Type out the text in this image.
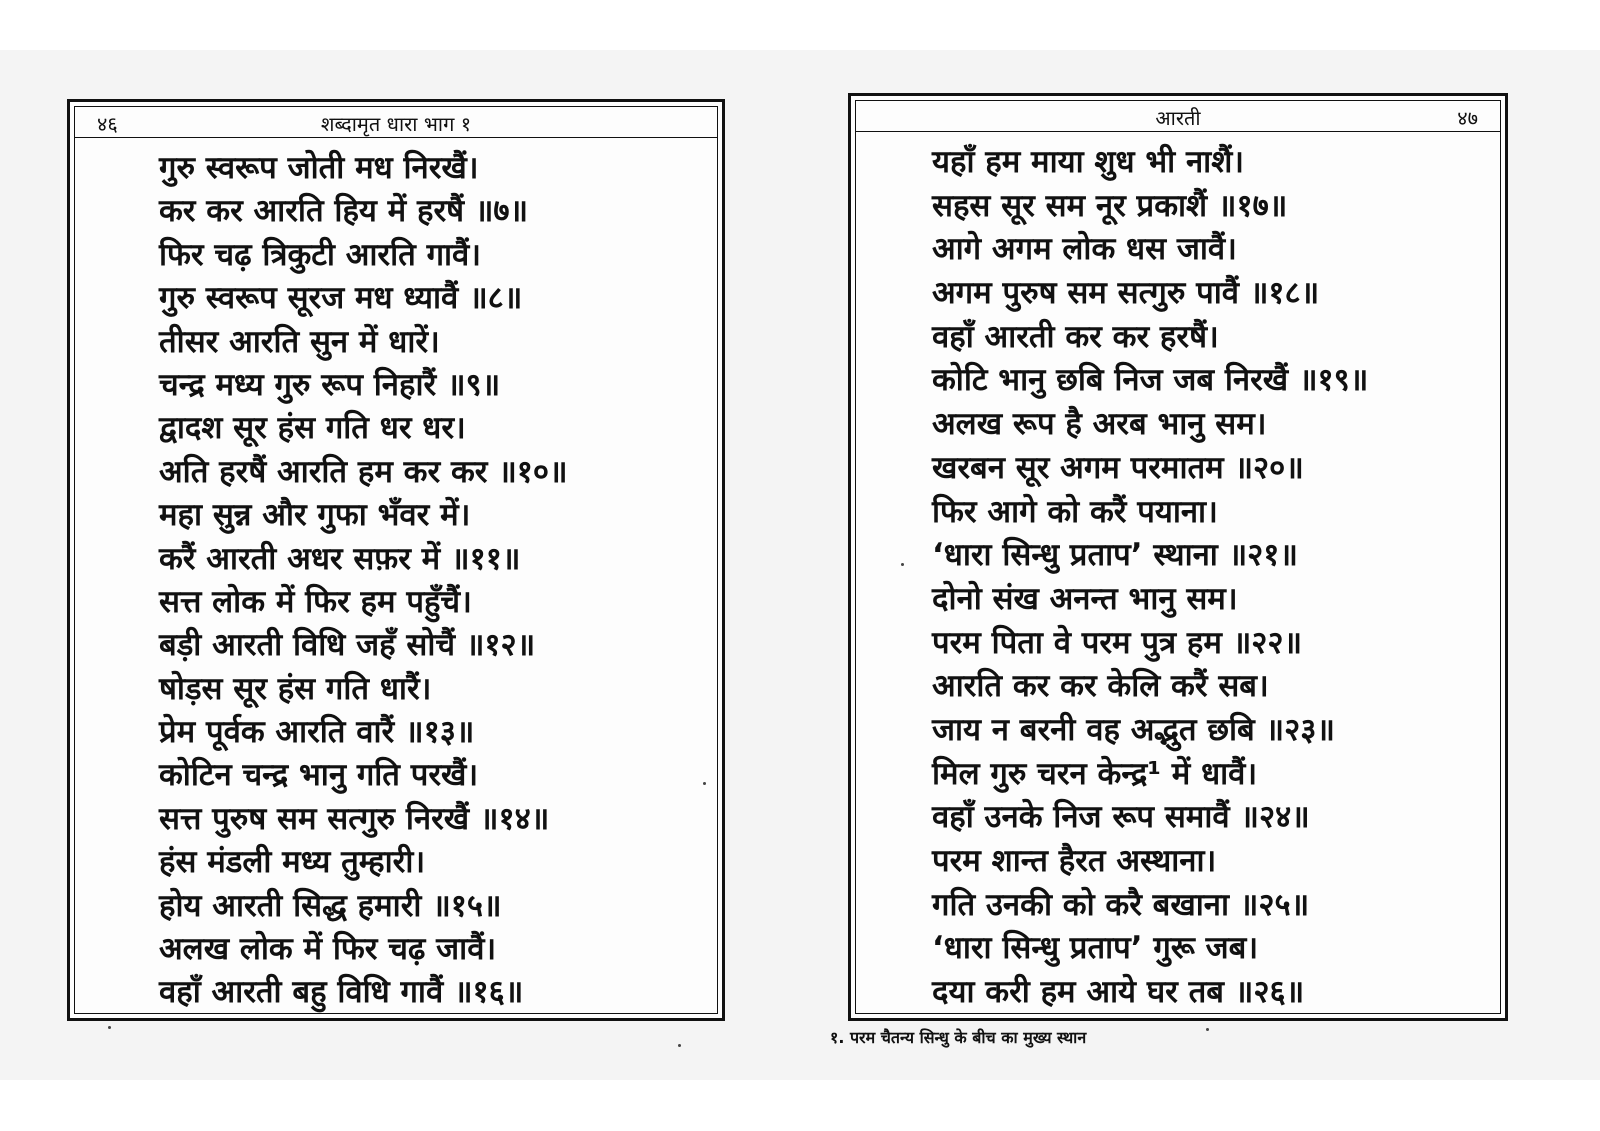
४६	शब्दामृत धारा भाग १
गुरु स्वरूप जोती मध निरखैं।
कर कर आरति हिय में हरषैं ॥७॥
फिर चढ़ त्रिकुटी आरति गावैं।
गुरु स्वरूप सूरज मध ध्यावैं ॥८॥
तीसर आरति सुन में धारें।
चन्द्र मध्य गुरु रूप निहारैं ॥९॥
द्वादश सूर हंस गति धर धर।
अति हरषैं आरति हम कर कर ॥१०॥
महा सुन्न और गुफा भँवर में।
करैं आरती अधर सफ़र में ॥११॥
सत्त लोक में फिर हम पहुँचैं।
बड़ी आरती विधि जहँ सोचैं ॥१२॥
षोड़स सूर हंस गति धारैं।
प्रेम पूर्वक आरति वारैं ॥१३॥
कोटिन चन्द्र भानु गति परखैं।
सत्त पुरुष सम सत्गुरु निरखैं ॥१४॥
हंस मंडली मध्य तुम्हारी।
होय आरती सिद्ध हमारी ॥१५॥
अलख लोक में फिर चढ़ जावैं।
वहाँ आरती बहु विधि गावैं ॥१६॥
आरती	४७
यहाँ हम माया शुध भी नाशैं।
सहस सूर सम नूर प्रकाशैं ॥१७॥
आगे अगम लोक धस जावैं।
अगम पुरुष सम सत्गुरु पावैं ॥१८॥
वहाँ आरती कर कर हरषैं।
कोटि भानु छबि निज जब निरखैं ॥१९॥
अलख रूप है अरब भानु सम।
खरबन सूर अगम परमातम ॥२०॥
फिर आगे को करैं पयाना।
‘धारा सिन्धु प्रताप’ स्थाना ॥२१॥
दोनो संख अनन्त भानु सम।
परम पिता वे परम पुत्र हम ॥२२॥
आरति कर कर केलि करैं सब।
जाय न बरनी वह अद्भुत छबि ॥२३॥
मिल गुरु चरन केन्द्र¹ में धावैं।
वहाँ उनके निज रूप समावैं ॥२४॥
परम शान्त हैरत अस्थाना।
गति उनकी को करै बखाना ॥२५॥
‘धारा सिन्धु प्रताप’ गुरू जब।
दया करी हम आये घर तब ॥२६॥
१. परम चैतन्य सिन्धु के बीच का मुख्य स्थान
